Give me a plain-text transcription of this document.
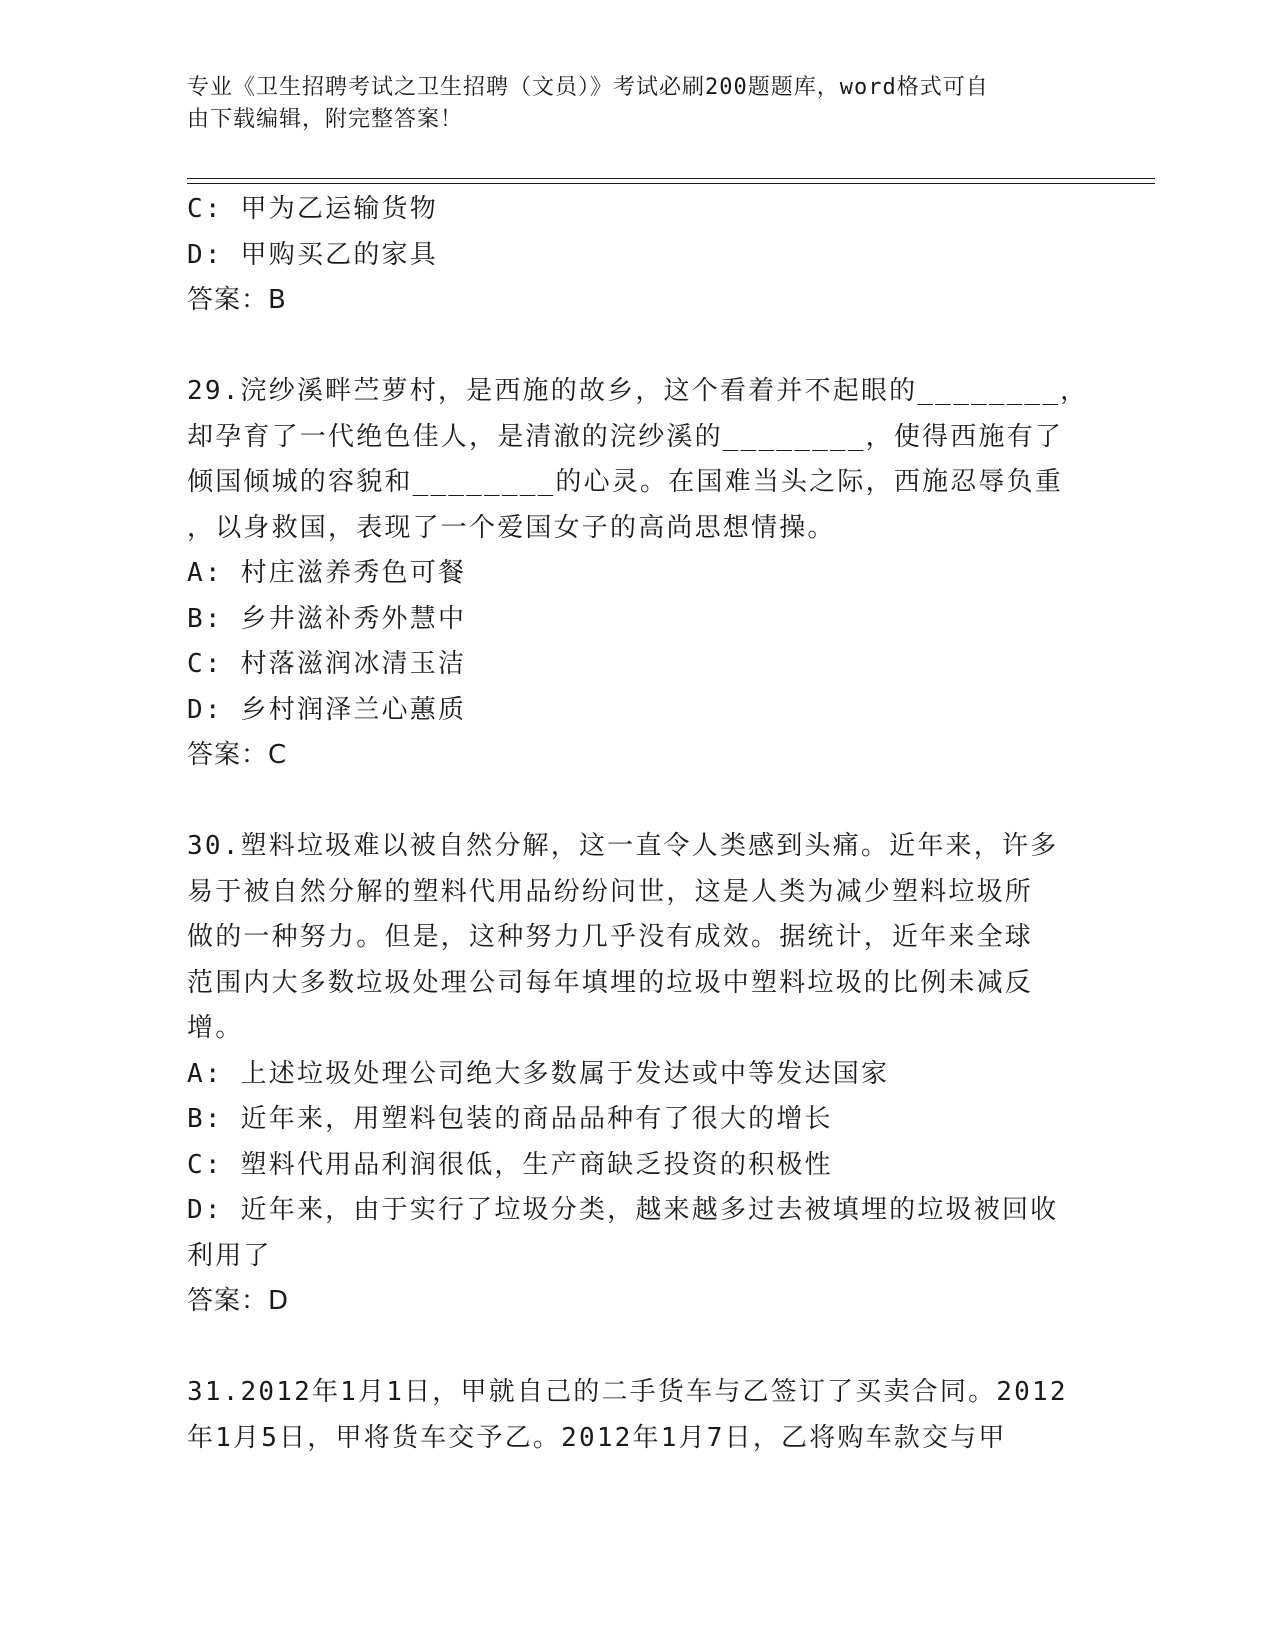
专业《卫生招聘考试之卫生招聘（文员）》考试必刷200题题库，word格式可自
由下载编辑，附完整答案！
C: 甲为乙运输货物
D: 甲购买乙的家具
答案：B
29.浣纱溪畔苎萝村，是西施的故乡，这个看着并不起眼的________，
却孕育了一代绝色佳人，是清澈的浣纱溪的________，使得西施有了
倾国倾城的容貌和________的心灵。在国难当头之际，西施忍辱负重
，以身救国，表现了一个爱国女子的高尚思想情操。
A: 村庄滋养秀色可餐
B: 乡井滋补秀外慧中
C: 村落滋润冰清玉洁
D: 乡村润泽兰心蕙质
答案：C
30.塑料垃圾难以被自然分解，这一直令人类感到头痛。近年来，许多
易于被自然分解的塑料代用品纷纷问世，这是人类为减少塑料垃圾所
做的一种努力。但是，这种努力几乎没有成效。据统计，近年来全球
范围内大多数垃圾处理公司每年填埋的垃圾中塑料垃圾的比例未减反
增。
A: 上述垃圾处理公司绝大多数属于发达或中等发达国家
B: 近年来，用塑料包装的商品品种有了很大的增长
C: 塑料代用品利润很低，生产商缺乏投资的积极性
D: 近年来，由于实行了垃圾分类，越来越多过去被填埋的垃圾被回收
利用了
答案：D
31.2012年1月1日，甲就自己的二手货车与乙签订了买卖合同。2012
年1月5日，甲将货车交予乙。2012年1月7日，乙将购车款交与甲
